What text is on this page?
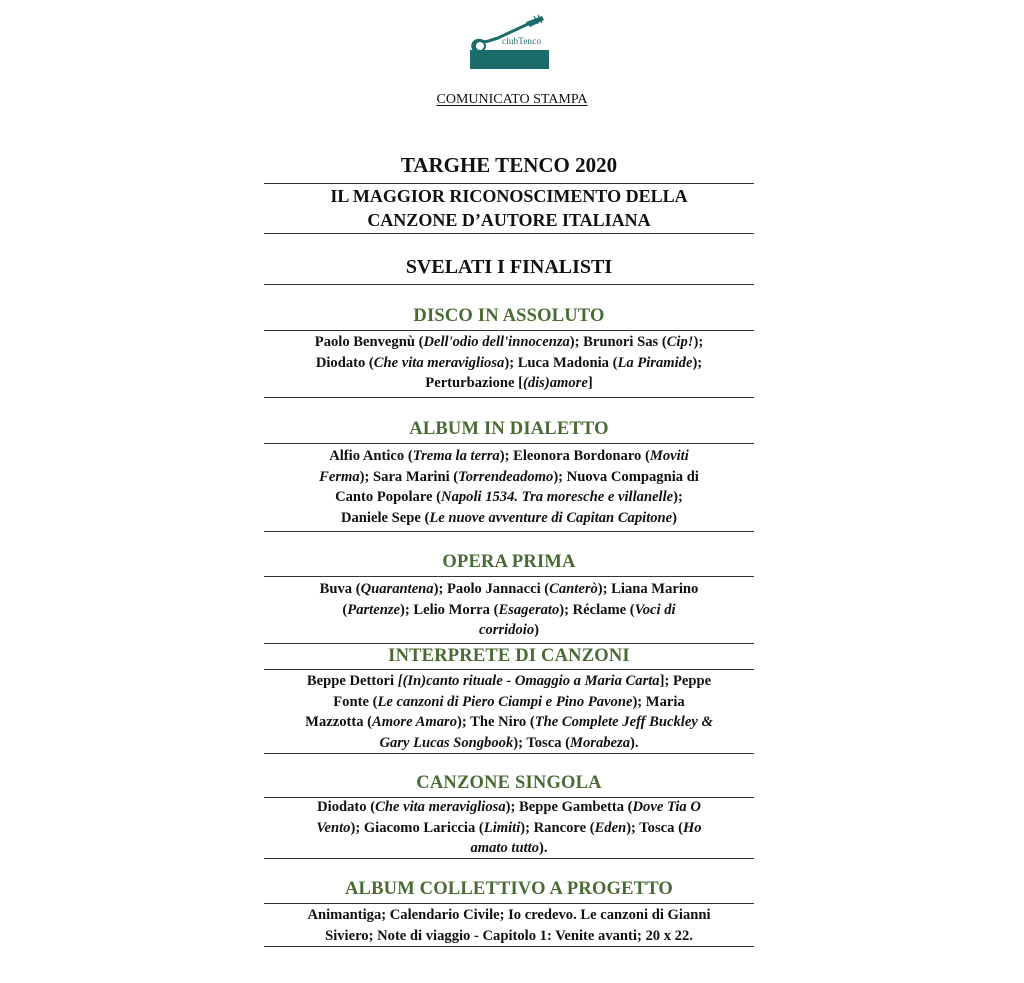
clubTenco
COMUNICATO STAMPA
TARGHE TENCO 2020
IL MAGGIOR RICONOSCIMENTO DELLA
CANZONE D’AUTORE ITALIANA
SVELATI I FINALISTI
DISCO IN ASSOLUTO
Paolo Benvegnù (Dell'odio dell'innocenza); Brunori Sas (Cip!);
Diodato (Che vita meravigliosa); Luca Madonia (La Piramide);
Perturbazione [(dis)amore]
ALBUM IN DIALETTO
Alfio Antico (Trema la terra); Eleonora Bordonaro (Moviti
Ferma); Sara Marini (Torrendeadomo); Nuova Compagnia di
Canto Popolare (Napoli 1534. Tra moresche e villanelle);
Daniele Sepe (Le nuove avventure di Capitan Capitone)
OPERA PRIMA
Buva (Quarantena); Paolo Jannacci (Canterò); Liana Marino
(Partenze); Lelio Morra (Esagerato); Réclame (Voci di
corridoio)
INTERPRETE DI CANZONI
Beppe Dettori [(In)canto rituale - Omaggio a Maria Carta]; Peppe
Fonte (Le canzoni di Piero Ciampi e Pino Pavone); Maria
Mazzotta (Amore Amaro); The Niro (The Complete Jeff Buckley &
Gary Lucas Songbook); Tosca (Morabeza).
CANZONE SINGOLA
Diodato (Che vita meravigliosa); Beppe Gambetta (Dove Tia O
Vento); Giacomo Lariccia (Limiti); Rancore (Eden); Tosca (Ho
amato tutto).
ALBUM COLLETTIVO A PROGETTO
Animantiga; Calendario Civile; Io credevo. Le canzoni di Gianni
Siviero; Note di viaggio - Capitolo 1: Venite avanti; 20 x 22.
